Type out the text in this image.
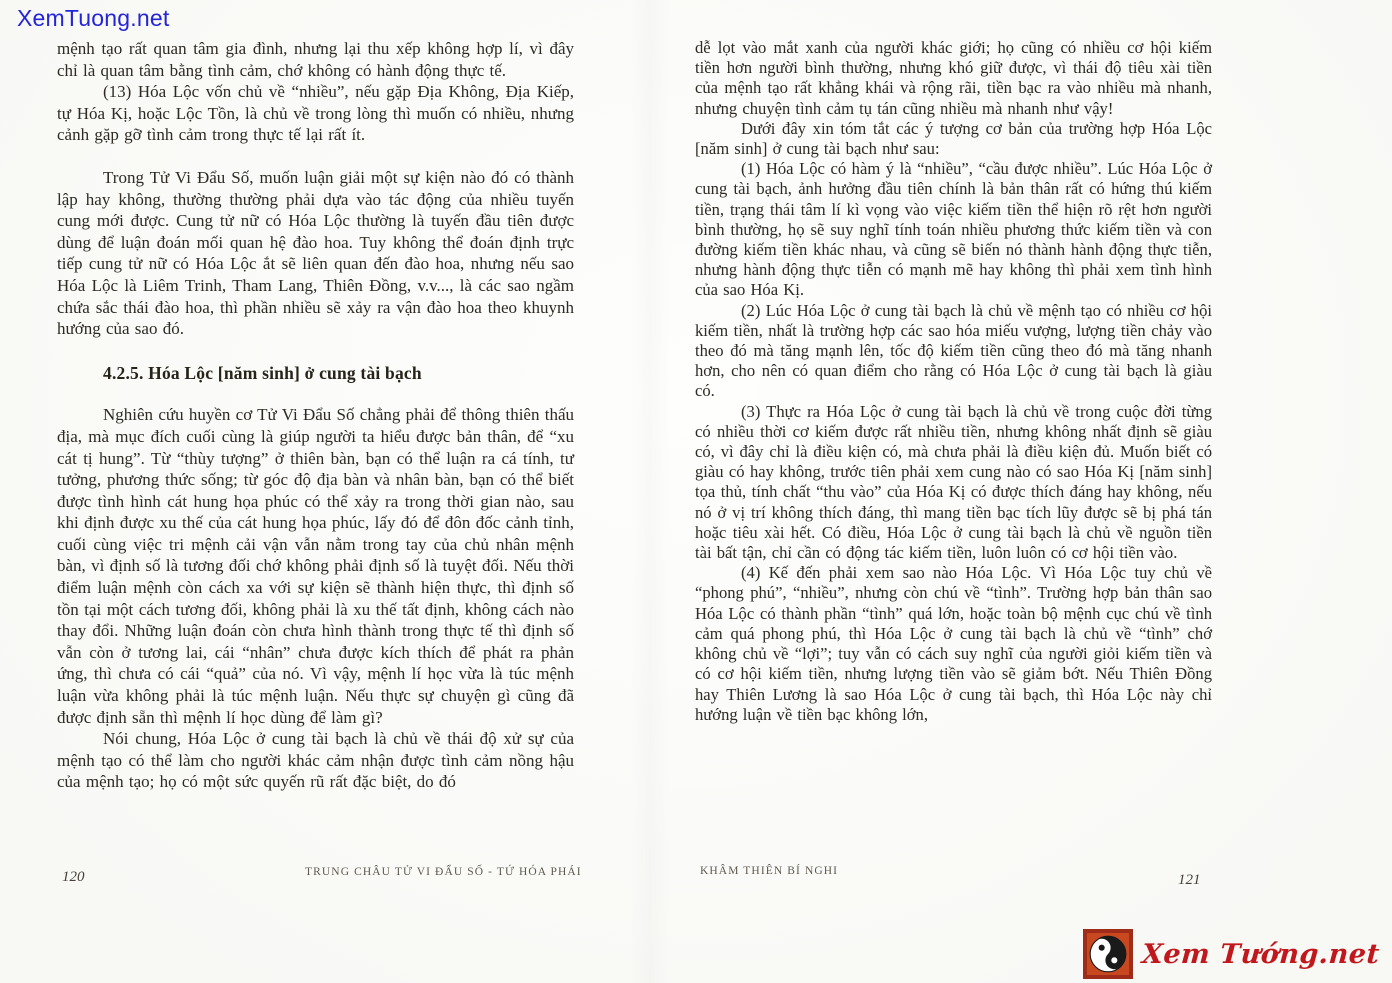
XemTuong.net

mệnh tạo rất quan tâm gia đình, nhưng lại thu xếp không hợp lí, vì đây chỉ là quan tâm bằng tình cảm, chớ không có hành động thực tế.

(13) Hóa Lộc vốn chủ về “nhiều”, nếu gặp Địa Không, Địa Kiếp, tự Hóa Kị, hoặc Lộc Tồn, là chủ về trong lòng thì muốn có nhiều, nhưng cảnh gặp gỡ tình cảm trong thực tế lại rất ít.

Trong Tử Vi Đẩu Số, muốn luận giải một sự kiện nào đó có thành lập hay không, thường thường phải dựa vào tác động của nhiều tuyến cung mới được. Cung tử nữ có Hóa Lộc thường là tuyến đầu tiên được dùng để luận đoán mối quan hệ đào hoa. Tuy không thể đoán định trực tiếp cung tử nữ có Hóa Lộc ắt sẽ liên quan đến đào hoa, nhưng nếu sao Hóa Lộc là Liêm Trinh, Tham Lang, Thiên Đồng, v.v..., là các sao ngầm chứa sắc thái đào hoa, thì phần nhiều sẽ xảy ra vận đào hoa theo khuynh hướng của sao đó.

4.2.5. Hóa Lộc [năm sinh] ở cung tài bạch

Nghiên cứu huyền cơ Tử Vi Đẩu Số chẳng phải để thông thiên thấu địa, mà mục đích cuối cùng là giúp người ta hiểu được bản thân, để “xu cát tị hung”. Từ “thùy tượng” ở thiên bàn, bạn có thể luận ra cá tính, tư tưởng, phương thức sống; từ góc độ địa bàn và nhân bàn, bạn có thể biết được tình hình cát hung họa phúc có thể xảy ra trong thời gian nào, sau khi định được xu thế của cát hung họa phúc, lấy đó để đôn đốc cảnh tỉnh, cuối cùng việc tri mệnh cải vận vẫn nằm trong tay của chủ nhân mệnh bàn, vì định số là tương đối chớ không phải định số là tuyệt đối. Nếu thời điểm luận mệnh còn cách xa với sự kiện sẽ thành hiện thực, thì định số tồn tại một cách tương đối, không phải là xu thế tất định, không cách nào thay đổi. Những luận đoán còn chưa hình thành trong thực tế thì định số vẫn còn ở tương lai, cái “nhân” chưa được kích thích để phát ra phản ứng, thì chưa có cái “quả” của nó. Vì vậy, mệnh lí học vừa là túc mệnh luận vừa không phải là túc mệnh luận. Nếu thực sự chuyện gì cũng đã được định sẵn thì mệnh lí học dùng để làm gì?

Nói chung, Hóa Lộc ở cung tài bạch là chủ về thái độ xử sự của mệnh tạo có thể làm cho người khác cảm nhận được tình cảm nồng hậu của mệnh tạo; họ có một sức quyến rũ rất đặc biệt, do đó

dễ lọt vào mắt xanh của người khác giới; họ cũng có nhiều cơ hội kiếm tiền hơn người bình thường, nhưng khó giữ được, vì thái độ tiêu xài tiền của mệnh tạo rất khẳng khái và rộng rãi, tiền bạc ra vào nhiều mà nhanh, nhưng chuyện tình cảm tụ tán cũng nhiều mà nhanh như vậy!

Dưới đây xin tóm tắt các ý tượng cơ bản của trường hợp Hóa Lộc [năm sinh] ở cung tài bạch như sau:

(1) Hóa Lộc có hàm ý là “nhiều”, “cầu được nhiều”. Lúc Hóa Lộc ở cung tài bạch, ảnh hưởng đầu tiên chính là bản thân rất có hứng thú kiếm tiền, trạng thái tâm lí kì vọng vào việc kiếm tiền thể hiện rõ rệt hơn người bình thường, họ sẽ suy nghĩ tính toán nhiều phương thức kiếm tiền và con đường kiếm tiền khác nhau, và cũng sẽ biến nó thành hành động thực tiễn, nhưng hành động thực tiễn có mạnh mẽ hay không thì phải xem tình hình của sao Hóa Kị.

(2) Lúc Hóa Lộc ở cung tài bạch là chủ về mệnh tạo có nhiều cơ hội kiếm tiền, nhất là trường hợp các sao hóa miếu vượng, lượng tiền chảy vào theo đó mà tăng mạnh lên, tốc độ kiếm tiền cũng theo đó mà tăng nhanh hơn, cho nên có quan điểm cho rằng có Hóa Lộc ở cung tài bạch là giàu có.

(3) Thực ra Hóa Lộc ở cung tài bạch là chủ về trong cuộc đời từng có nhiều thời cơ kiếm được rất nhiều tiền, nhưng không nhất định sẽ giàu có, vì đây chỉ là điều kiện có, mà chưa phải là điều kiện đủ. Muốn biết có giàu có hay không, trước tiên phải xem cung nào có sao Hóa Kị [năm sinh] tọa thủ, tính chất “thu vào” của Hóa Kị có được thích đáng hay không, nếu nó ở vị trí không thích đáng, thì mang tiền bạc tích lũy được sẽ bị phá tán hoặc tiêu xài hết. Có điều, Hóa Lộc ở cung tài bạch là chủ về nguồn tiền tài bất tận, chỉ cần có động tác kiếm tiền, luôn luôn có cơ hội tiền vào.

(4) Kế đến phải xem sao nào Hóa Lộc. Vì Hóa Lộc tuy chủ về “phong phú”, “nhiều”, nhưng còn chú về “tình”. Trường hợp bản thân sao Hóa Lộc có thành phần “tình” quá lớn, hoặc toàn bộ mệnh cục chú về tình cảm quá phong phú, thì Hóa Lộc ở cung tài bạch là chủ về “tình” chớ không chủ về “lợi”; tuy vẫn có cách suy nghĩ của người giỏi kiếm tiền và có cơ hội kiếm tiền, nhưng lượng tiền vào sẽ giảm bớt. Nếu Thiên Đồng hay Thiên Lương là sao Hóa Lộc ở cung tài bạch, thì Hóa Lộc này chỉ hướng luận về tiền bạc không lớn,

120	TRUNG CHÂU TỬ VI ĐẨU SỐ - TỨ HÓA PHÁI	KHÂM THIÊN BÍ NGHI
121
Xem Tướng.net
